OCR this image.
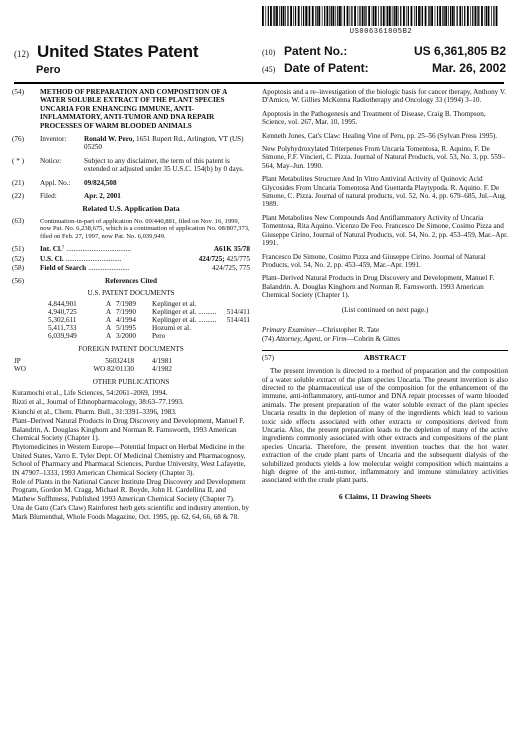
US006361805B2
(12) United States Patent
Pero
(10) Patent No.:	US 6,361,805 B2
(45) Date of Patent:	Mar. 26, 2002
(54)	METHOD OF PREPARATION AND COMPOSITION OF A WATER SOLUBLE EXTRACT OF THE PLANT SPECIES UNCARIA FOR ENHANCING IMMUNE, ANTI-INFLAMMATORY, ANTI-TUMOR AND DNA REPAIR PROCESSES OF WARM BLOODED ANIMALS
(76)	Inventor:	Ronald W. Pero, 1651 Rupert Rd., Arlington, VT (US) 05250
( * )	Notice:	Subject to any disclaimer, the term of this patent is extended or adjusted under 35 U.S.C. 154(b) by 0 days.
(21)	Appl. No.:	09/824,508
(22)	Filed:	Apr. 2, 2001
Related U.S. Application Data
(63)	Continuation-in-part of application No. 09/440,881, filed on Nov. 16, 1999, now Pat. No. 6,238,675, which is a continuation of application No. 08/807,373, filed on Feb. 27, 1997, now Pat. No. 6,039,949.
(51)	Int. Cl. 7 ....................................	A61K 35/78
(52)	U.S. Cl. ...............................	424/725; 425/775
(58)	Field of Search .......................	424/725, 775
(56)	References Cited
U.S. PATENT DOCUMENTS
4,844,901	A 7/1989	Keplinger et al.
4,940,725	A 7/1990	Keplinger et al. ..........	514/411
5,302,611	A 4/1994	Keplinger et al. ..........	514/411
5,411,733	A 5/1995	Hozumi et al.
6,039,949	A 3/2000	Pero
FOREIGN PATENT DOCUMENTS
JP	56032418	4/1981
WO	WO 82/01130	4/1982
OTHER PUBLICATIONS
Kuramochi et al., Life Sciences, 54:2061–2069, 1994.
Rizzi et al., Journal of Ethnopharmacology, 38:63–77.1993.
Kiunchi et al., Chem. Pharm. Bull., 31:3391–3396, 1983.
Plant–Derived Natural Products in Drug Discovery and Development, Manuel F. Balandrin, A. Douglass Kinghorn and Norman R. Farnsworth, 1993 American Chemical Society (Chapter 1).
Phytomedicines in Western Europe—Potential Impact on Herbal Medicine in the United States, Varro E. Tyler Dept. Of Medicinal Chemistry and Pharmacognosy, School of Pharmacy and Pharmacal Sciences, Purdue University, West Lafayette, IN 47907–1333, 1993 American Chemical Society (Chapter 3).
Role of Plants in the National Cancer Institute Drug Discovery and Development Program, Gordon M. Cragg, Michael R. Boyde, John H. Cardellina II, and Mathew Suffhmess, Published 1993 American Chemical Society (Chapter 7).
Una de Gato (Cat's Claw) Rainforest herb gets scientific and industry attention, by Mark Blumenthal, Whole Foods Magazine, Oct. 1995, pp. 62, 64, 66, 68 & 78.
Apoptosis and a re–investigation of the biologic basis for cancer therapy, Anthony V. D'Amico, W. Gillies McKenna Radiotherapy and Oncology 33 (1994) 3–10.
Apoptosis in the Pathogenesis and Treatment of Disease, Craig B. Thompson, Science, vol. 267, Mar. 10, 1995.
Kenneth Jones, Cat's Claw: Healing Vine of Peru, pp. 25–56 (Sylvan Press 1995).
New Polyhydroxylated Triterpenes From Uncaria Tomentosa, R. Aquino, F. De Simone, F.F. Vincieri, C. Pizza. Journal of Natural Products, vol. 53, No. 3, pp. 559–564, May–Jun. 1990.
Plant Metabolites Structure And In Vitro Antiviral Activity of Quinovic Acid Glycosides From Uncaria Tomentosa And Guettarda Playtypoda. R. Aquino. F. De Simone, C. Pizza. Journal of natural products, vol. 52, No. 4, pp. 679–685, Jul.–Aug. 1989.
Plant Metabolites New Compounds And Antiflammatory Activity of Uncaria Tomentosa, Rita Aquino. Vicenzo De Feo. Francesco De Simone, Cosimo Pizza and Giuseppe Cirino, Journal of Natural Products, vol. 54, No. 2, pp. 453–459, Mar.–Apr. 1991.
Francesco De Simone, Cosimo Pizza and Giuseppe Cirino. Journal of Natural Products, vol. 54, No. 2, pp. 453–459, Mar.–Apr. 1991.
Plant–Derived Natural Products in Drug Discovery and Development, Manuel F. Balandrin. A. Douglas Kinghorn and Norman R. Farnsworth. 1993 American Chemical Society (Chapter 1).
(List continued on next page.)
Primary Examiner—Christopher R. Tate
(74) Attorney, Agent, or Firm—Cobrin & Gittes
(57)	ABSTRACT
The present invention is directed to a method of preparation and the composition of a water soluble extract of the plant species Uncaria. The present invention is also directed to the pharmaceutical use of the composition for the enhancement of the immune, anti-inflammatory, anti-tumor and DNA repair processes of warm blooded animals. The present preparation of the water soluble extract of the plant species Uncaria results in the depletion of many of the ingredients which lead to various toxic side effects associated with other extracts or compositions derived from Uncaria. Also, the present preparation leads to the depletion of many of the active ingredients commonly associated with other extracts and compositions of the plant species Uncaria. Therefore, the present invention teaches that the hot water extraction of the crude plant parts of Uncaria and the subsequent dialysis of the solubilized products yields a low molecular weight composition which maintains a high degree of the anti-tumor, inflammatory and immune stimulatory activities associated with the crude plant parts.
6 Claims, 11 Drawing Sheets
